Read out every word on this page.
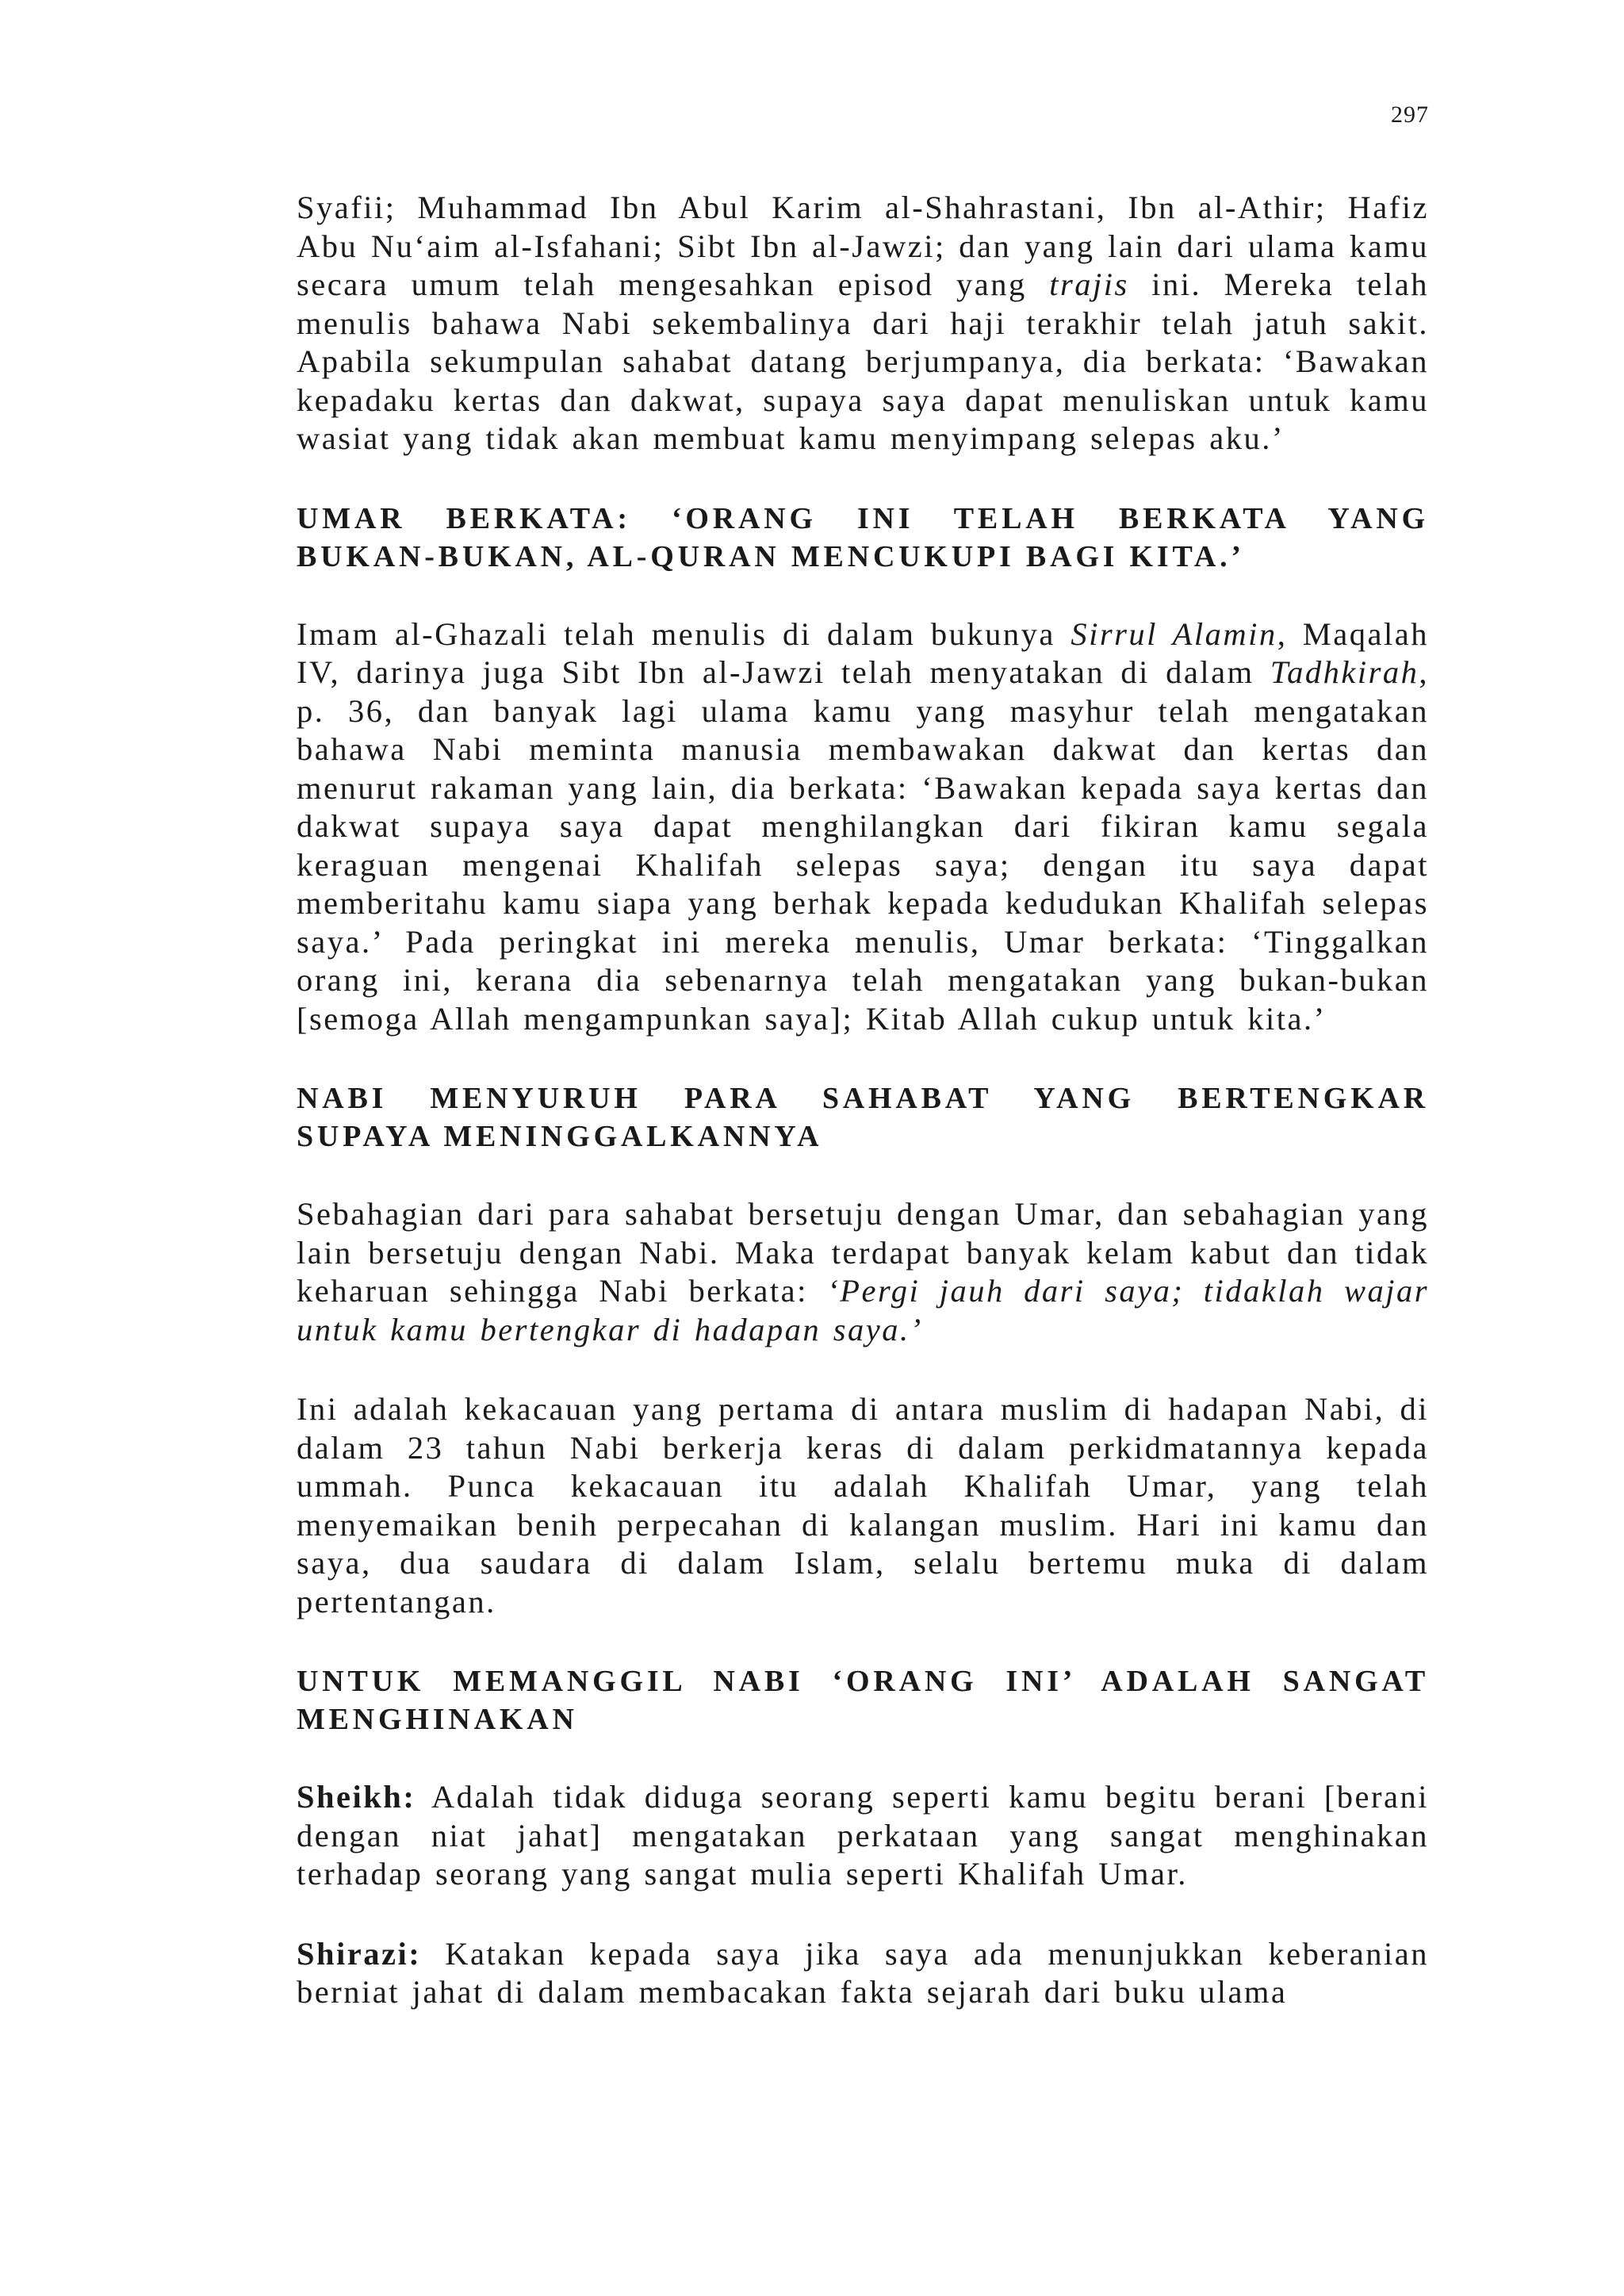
297

Syafii; Muhammad Ibn Abul Karim al-Shahrastani, Ibn al-Athir; Hafiz Abu Nu‘aim al-Isfahani; Sibt Ibn al-Jawzi; dan yang lain dari ulama kamu secara umum telah mengesahkan episod yang trajis ini. Mereka telah menulis bahawa Nabi sekembalinya dari haji terakhir telah jatuh sakit. Apabila sekumpulan sahabat datang berjumpanya, dia berkata: ‘Bawakan kepadaku kertas dan dakwat, supaya saya dapat menuliskan untuk kamu wasiat yang tidak akan membuat kamu menyimpang selepas aku.’

UMAR BERKATA: ‘ORANG INI TELAH BERKATA YANG
BUKAN-BUKAN, AL-QURAN MENCUKUPI BAGI KITA.’

Imam al-Ghazali telah menulis di dalam bukunya Sirrul Alamin, Maqalah IV, darinya juga Sibt Ibn al-Jawzi telah menyatakan di dalam Tadhkirah, p. 36, dan banyak lagi ulama kamu yang masyhur telah mengatakan bahawa Nabi meminta manusia membawakan dakwat dan kertas dan menurut rakaman yang lain, dia berkata: ‘Bawakan kepada saya kertas dan dakwat supaya saya dapat menghilangkan dari fikiran kamu segala keraguan mengenai Khalifah selepas saya; dengan itu saya dapat memberitahu kamu siapa yang berhak kepada kedudukan Khalifah selepas saya.’ Pada peringkat ini mereka menulis, Umar berkata: ‘Tinggalkan orang ini, kerana dia sebenarnya telah mengatakan yang bukan-bukan [semoga Allah mengampunkan saya]; Kitab Allah cukup untuk kita.’

NABI MENYURUH PARA SAHABAT YANG BERTENGKAR
SUPAYA MENINGGALKANNYA

Sebahagian dari para sahabat bersetuju dengan Umar, dan sebahagian yang lain bersetuju dengan Nabi. Maka terdapat banyak kelam kabut dan tidak keharuan sehingga Nabi berkata: ‘Pergi jauh dari saya; tidaklah wajar untuk kamu bertengkar di hadapan saya.’

Ini adalah kekacauan yang pertama di antara muslim di hadapan Nabi, di dalam 23 tahun Nabi berkerja keras di dalam perkidmatannya kepada ummah. Punca kekacauan itu adalah Khalifah Umar, yang telah menyemaikan benih perpecahan di kalangan muslim. Hari ini kamu dan saya, dua saudara di dalam Islam, selalu bertemu muka di dalam pertentangan.

UNTUK MEMANGGIL NABI ‘ORANG INI’ ADALAH SANGAT
MENGHINAKAN

Sheikh: Adalah tidak diduga seorang seperti kamu begitu berani [berani dengan niat jahat] mengatakan perkataan yang sangat menghinakan terhadap seorang yang sangat mulia seperti Khalifah Umar.

Shirazi: Katakan kepada saya jika saya ada menunjukkan keberanian berniat jahat di dalam membacakan fakta sejarah dari buku ulama
